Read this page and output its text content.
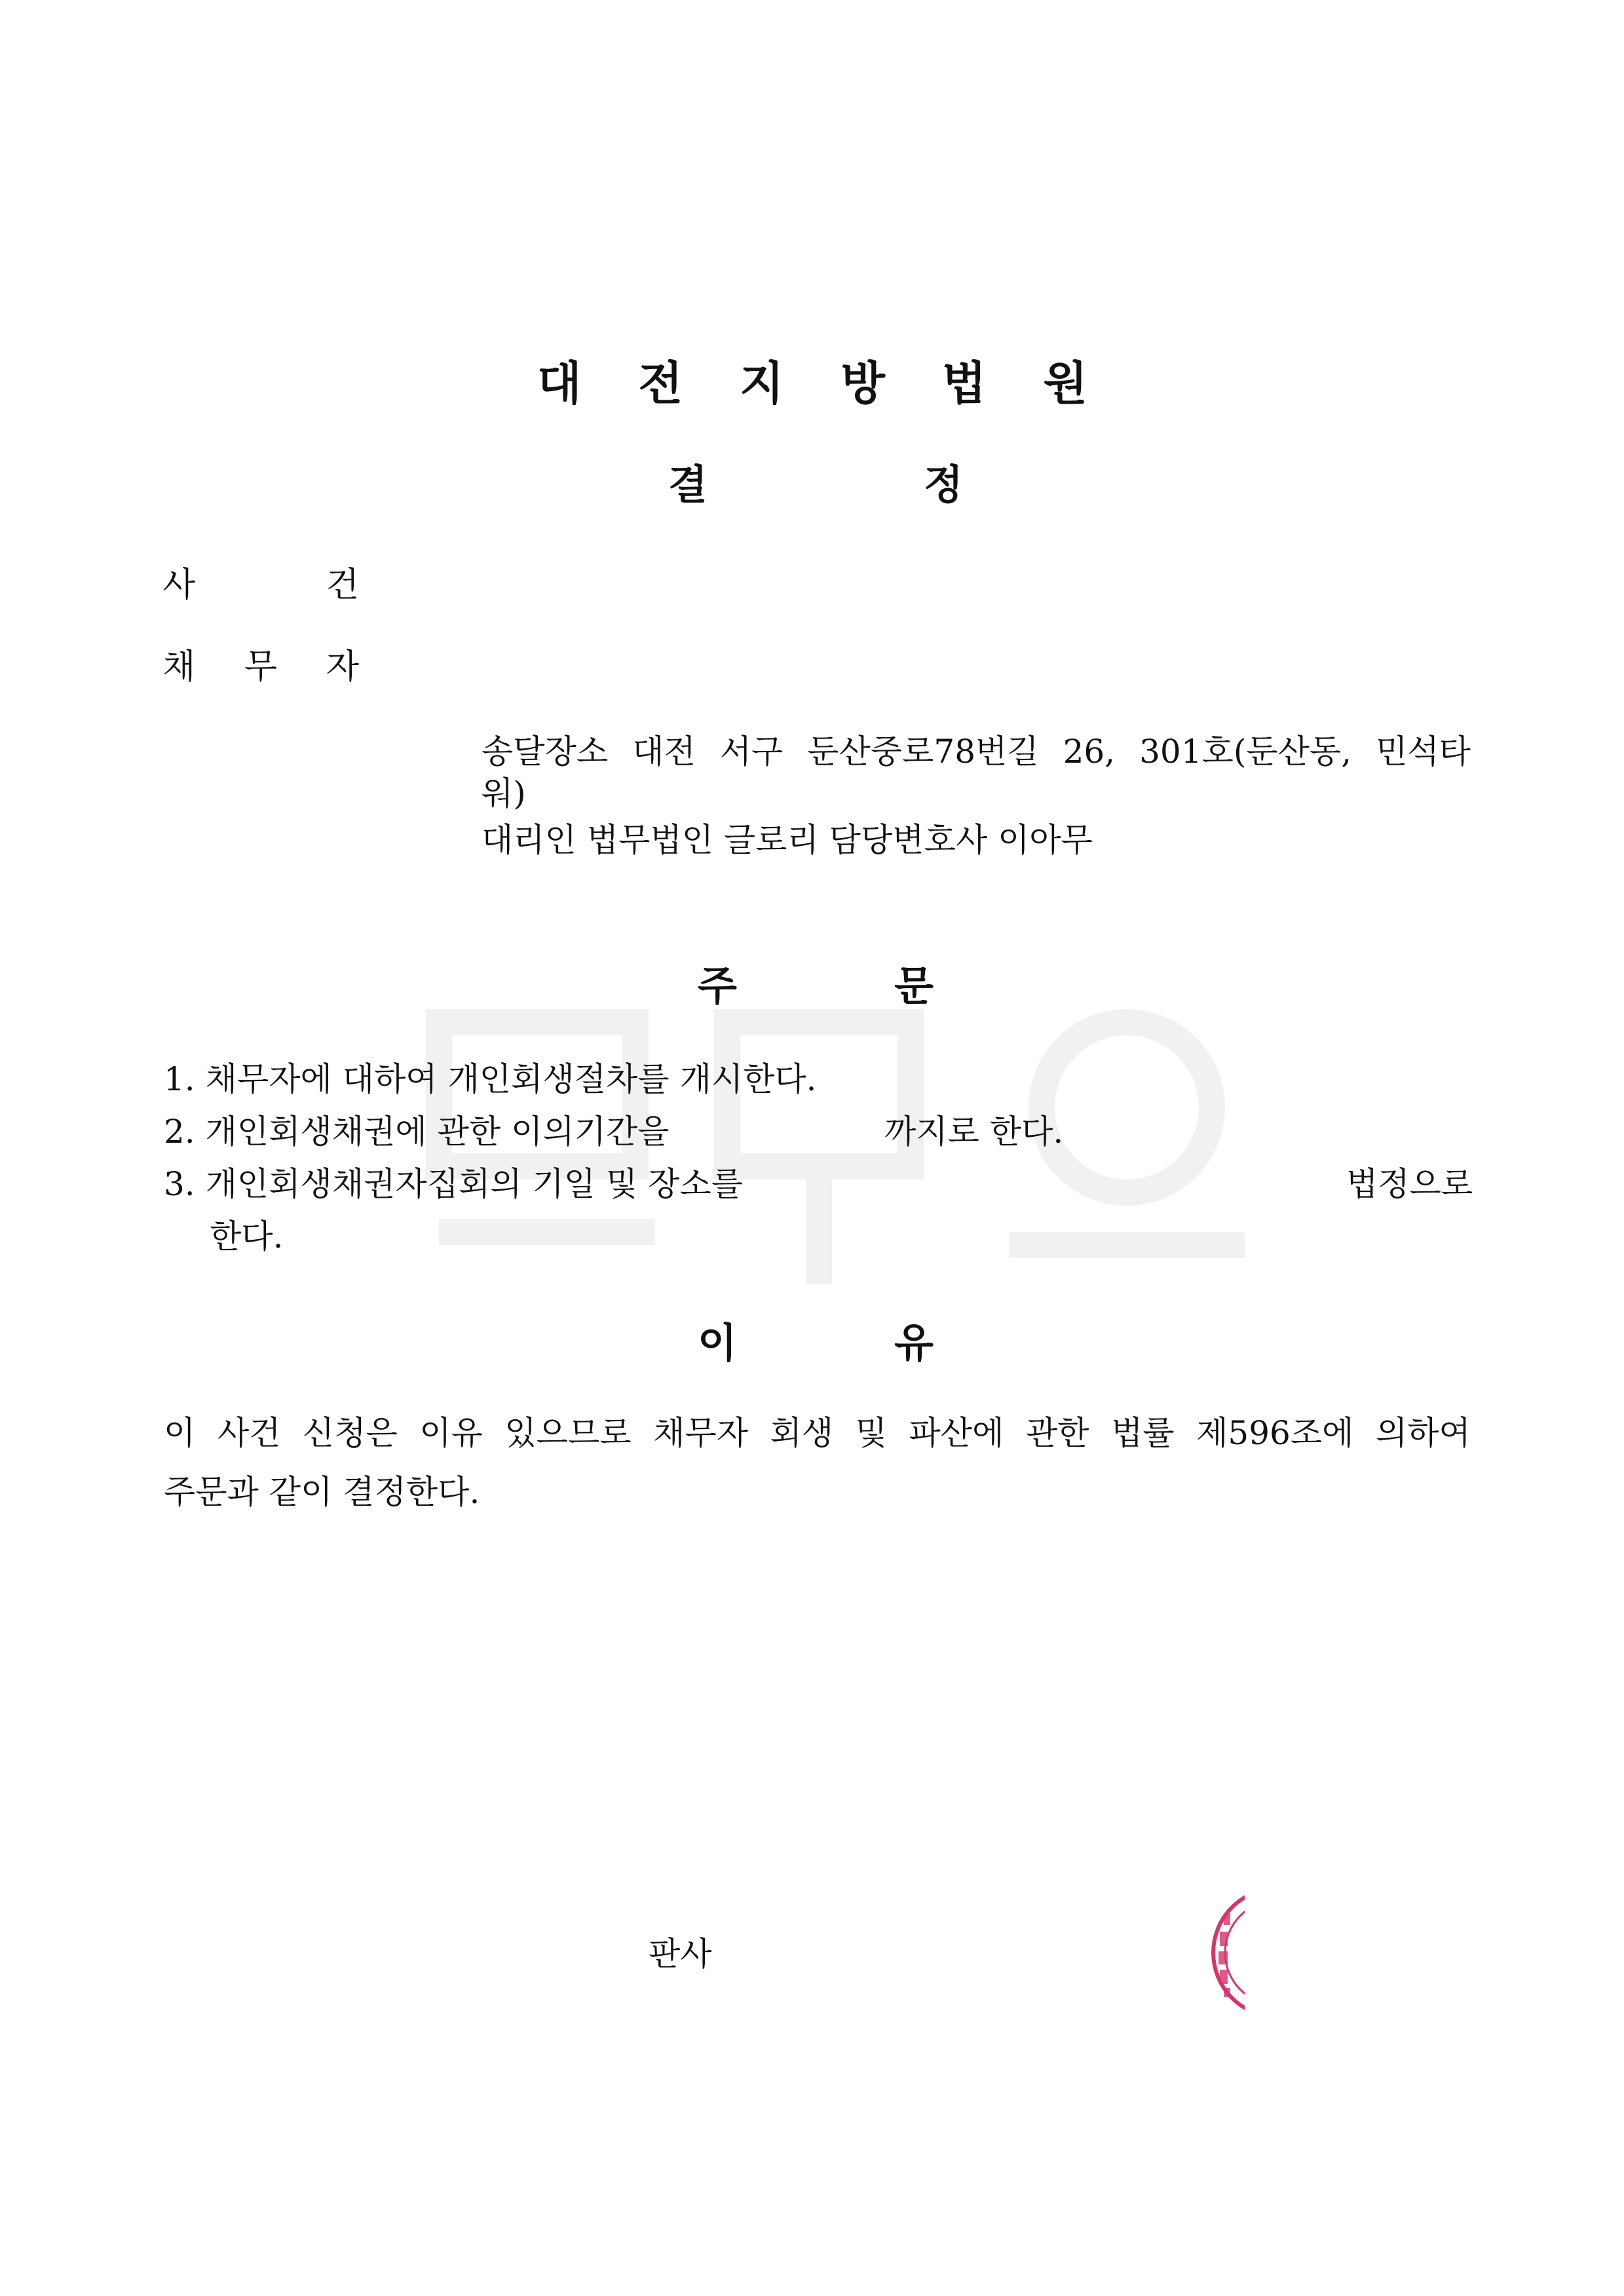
대 전 지 방 법 원
결	정
사	건
채 무 자
송달장소 대전 서구 둔산중로78번길 26, 301호(둔산동, 민석타
워)
대리인 법무법인 글로리 담당변호사 이아무
주	문
1. 채무자에 대하여 개인회생절차를 개시한다.
2. 개인회생채권에 관한 이의기간을	까지로 한다.
3. 개인회생채권자집회의 기일 및 장소를	법정으로
한다.
이	유
이 사건 신청은 이유 있으므로 채무자 회생 및 파산에 관한 법률 제596조에 의하여
주문과 같이 결정한다.
판사
